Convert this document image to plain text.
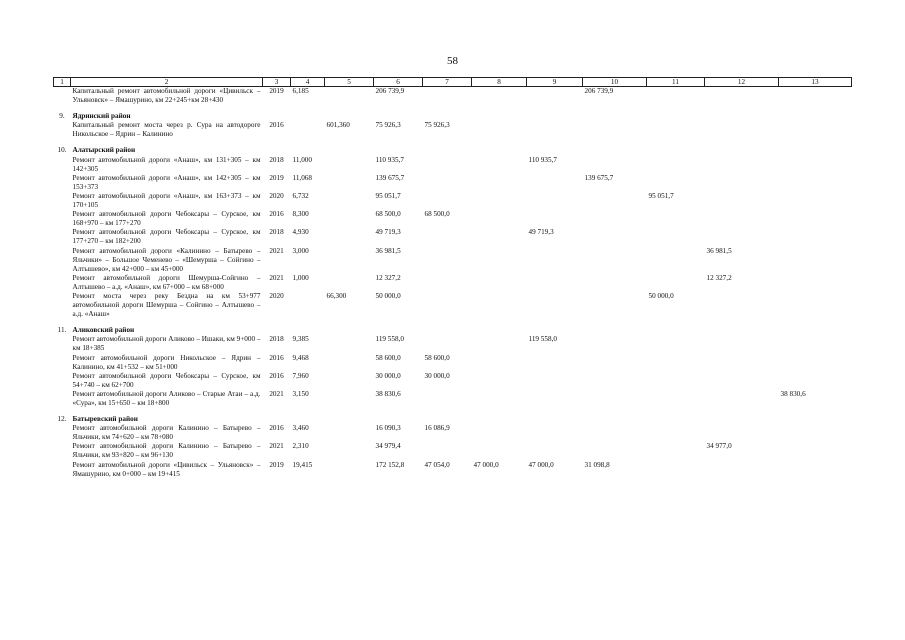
58
1	2	3	4	5	6	7	8	9	10	11	12	13
	Капитальный ремонт автомобильной дороги «Цивильск – Ульяновск» – Ямашурино, км 22+245+км 28+430	2019	6,185		206 739,9				206 739,9			

9.	Ядринский район											
	Капитальный ремонт моста через р. Сура на автодороге Никольское – Ядрин – Калинино	2016		601,360	75 926,3	75 926,3						

10.	Алатырский район											
	Ремонт автомобильной дороги «Анаш», км 131+305 – км 142+305	2018	11,000		110 935,7			110 935,7				
	Ремонт автомобильной дороги «Анаш», км 142+305 – км 153+373	2019	11,068		139 675,7				139 675,7			
	Ремонт автомобильной дороги «Анаш», км 163+373 – км 170+105	2020	6,732		95 051,7					95 051,7		
	Ремонт автомобильной дороги Чебоксары – Сурское, км 168+970 – км 177+270	2016	8,300		68 500,0	68 500,0						
	Ремонт автомобильной дороги Чебоксары – Сурское, км 177+270 – км 182+200	2018	4,930		49 719,3			49 719,3				
	Ремонт автомобильной дороги «Калинино – Батырево – Яльчики» – Большое Чеменево – «Шемурша – Сойгино – Алтышево», км 42+000 – км 45+000	2021	3,000		36 981,5						36 981,5	
	Ремонт автомобильной дороги Шемурша-Сойгино – Алтышево – а.д. «Анаш», км 67+000 – км 68+000	2021	1,000		12 327,2						12 327,2	
	Ремонт моста через реку Бездна на км 53+977 автомобильной дороги Шемурша – Сойгино – Алтышево – а.д. «Анаш»	2020		66,300	50 000,0					50 000,0		

11.	Аликовский район											
	Ремонт автомобильной дороги Аликово – Ишаки, км 9+000 – км 18+385	2018	9,385		119 558,0			119 558,0				
	Ремонт автомобильной дороги Никольское – Ядрин – Калинино, км 41+532 – км 51+000	2016	9,468		58 600,0	58 600,0						
	Ремонт автомобильной дороги Чебоксары – Сурское, км 54+740 – км 62+700	2016	7,960		30 000,0	30 000,0						
	Ремонт автомобильной дороги Аликово – Старые Атаи – а.д. «Сура», км 15+650 – км 18+800	2021	3,150		38 830,6							38 830,6

12.	Батыревский район											
	Ремонт автомобильной дороги Калинино – Батырево – Яльчики, км 74+620 – км 78+080	2016	3,460		16 090,3	16 086,9						
	Ремонт автомобильной дороги Калинино – Батырево – Яльчики, км 93+820 – км 96+130	2021	2,310		34 979,4						34 977,0	
	Ремонт автомобильной дороги «Цивильск – Ульяновск» – Ямашурино, км 0+000 – км 19+415	2019	19,415		172 152,8	47 054,0	47 000,0	47 000,0	31 098,8			
